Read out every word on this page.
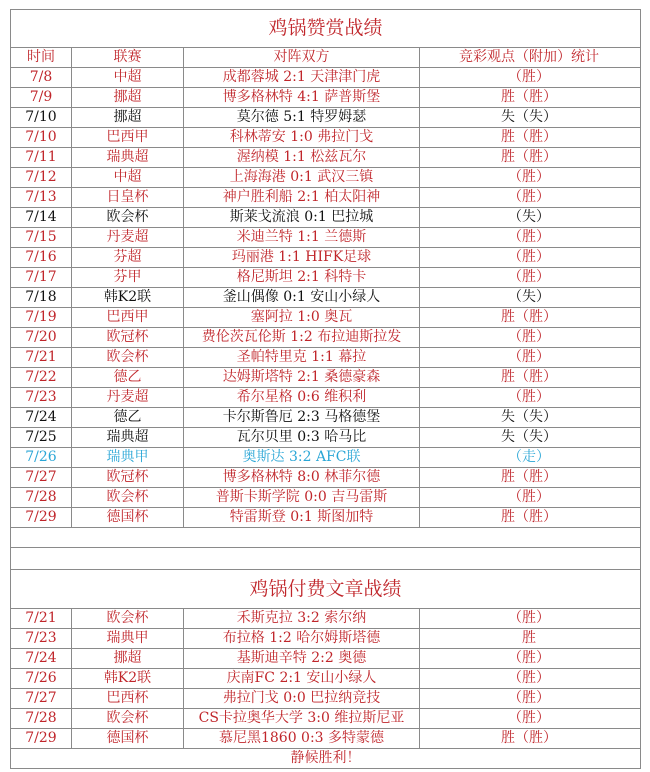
鸡锅赞赏战绩
时间	联赛	对阵双方	竞彩观点（附加）统计
7/8	中超	成都蓉城 2:1 天津津门虎	（胜）
7/9	挪超	博多格林特 4:1 萨普斯堡	胜（胜）
7/10	挪超	莫尔德 5:1 特罗姆瑟	失（失）
7/10	巴西甲	科林蒂安 1:0 弗拉门戈	胜（胜）
7/11	瑞典超	渥纳模 1:1 松兹瓦尔	胜（胜）
7/12	中超	上海海港 0:1 武汉三镇	（胜）
7/13	日皇杯	神户胜利船 2:1 柏太阳神	（胜）
7/14	欧会杯	斯莱戈流浪 0:1 巴拉城	（失）
7/15	丹麦超	米迪兰特 1:1 兰德斯	（胜）
7/16	芬超	玛丽港 1:1 HIFK足球	（胜）
7/17	芬甲	格尼斯坦 2:1 科特卡	（胜）
7/18	韩K2联	釜山偶像 0:1 安山小绿人	（失）
7/19	巴西甲	塞阿拉 1:0 奥瓦	胜（胜）
7/20	欧冠杯	费伦茨瓦伦斯 1:2 布拉迪斯拉发	（胜）
7/21	欧会杯	圣帕特里克 1:1 幕拉	（胜）
7/22	德乙	达姆斯塔特 2:1 桑德豪森	胜（胜）
7/23	丹麦超	希尔星格 0:6 维积利	（胜）
7/24	德乙	卡尔斯鲁厄 2:3 马格德堡	失（失）
7/25	瑞典超	瓦尔贝里 0:3 哈马比	失（失）
7/26	瑞典甲	奥斯达 3:2 AFC联	（走）
7/27	欧冠杯	博多格林特 8:0 林菲尔德	胜（胜）
7/28	欧会杯	普斯卡斯学院 0:0 吉马雷斯	（胜）
7/29	德国杯	特雷斯登 0:1 斯图加特	胜（胜）
鸡锅付费文章战绩
7/21	欧会杯	禾斯克拉 3:2 索尔纳	（胜）
7/23	瑞典甲	布拉格 1:2 哈尔姆斯塔德	胜
7/24	挪超	基斯迪辛特 2:2 奥德	（胜）
7/26	韩K2联	庆南FC 2:1 安山小绿人	（胜）
7/27	巴西杯	弗拉门戈 0:0 巴拉纳竞技	（胜）
7/28	欧会杯	CS卡拉奥华大学 3:0 维拉斯尼亚	（胜）
7/29	德国杯	慕尼黑1860 0:3 多特蒙德	胜（胜）
静候胜利！
